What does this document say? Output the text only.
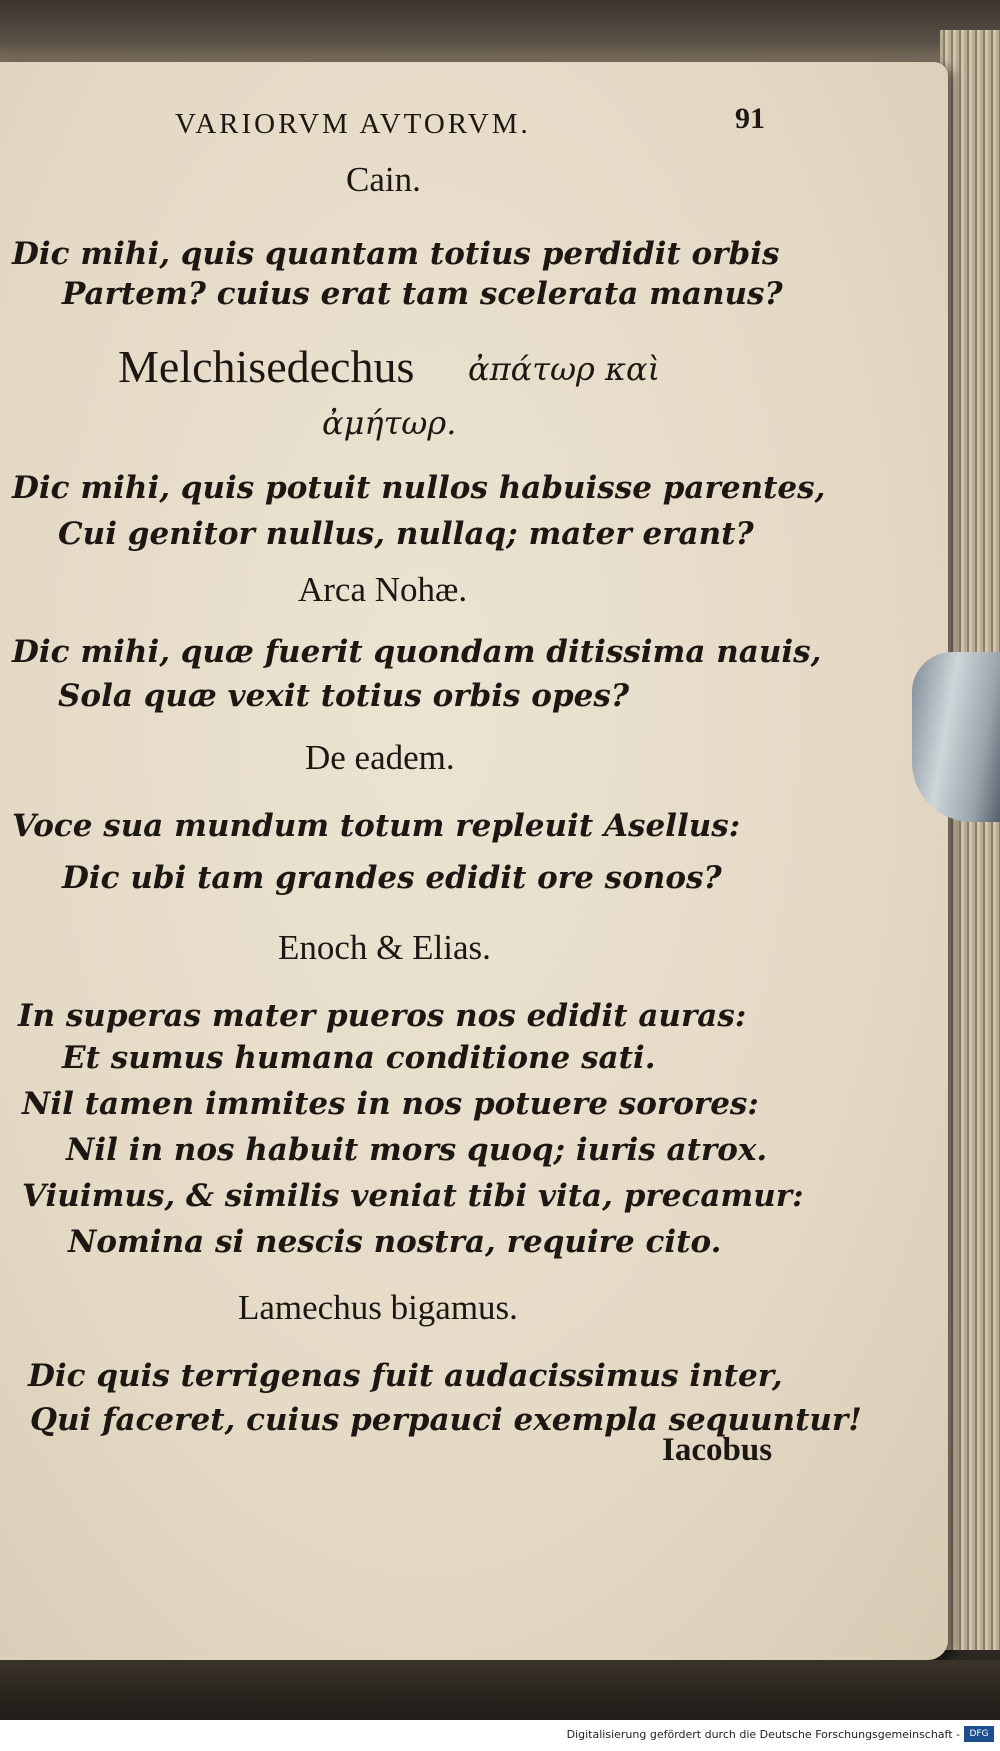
VARIORVM AVTORVM.	91
Cain.
Dic mihi, quis quantam totius perdidit orbis
Partem? cuius erat tam scelerata manus?
Melchisedechus ἀπάτωρ καὶ
ἀμήτωρ.
Dic mihi, quis potuit nullos habuisse parentes,
Cui genitor nullus, nullaq; mater erant?
Arca Nohæ.
Dic mihi, quæ fuerit quondam ditissima nauis,
Sola quæ vexit totius orbis opes?
De eadem.
Voce sua mundum totum repleuit Asellus:
Dic ubi tam grandes edidit ore sonos?
Enoch & Elias.
In superas mater pueros nos edidit auras:
Et sumus humana conditione sati.
Nil tamen immites in nos potuere sorores:
Nil in nos habuit mors quoq; iuris atrox.
Viuimus, & similis veniat tibi vita, precamur:
Nomina si nescis nostra, require cito.
Lamechus bigamus.
Dic quis terrigenas fuit audacissimus inter,
Qui faceret, cuius perpauci exempla sequuntur!
Iacobus
Digitalisierung gefördert durch die Deutsche Forschungsgemeinschaft -	DFG
